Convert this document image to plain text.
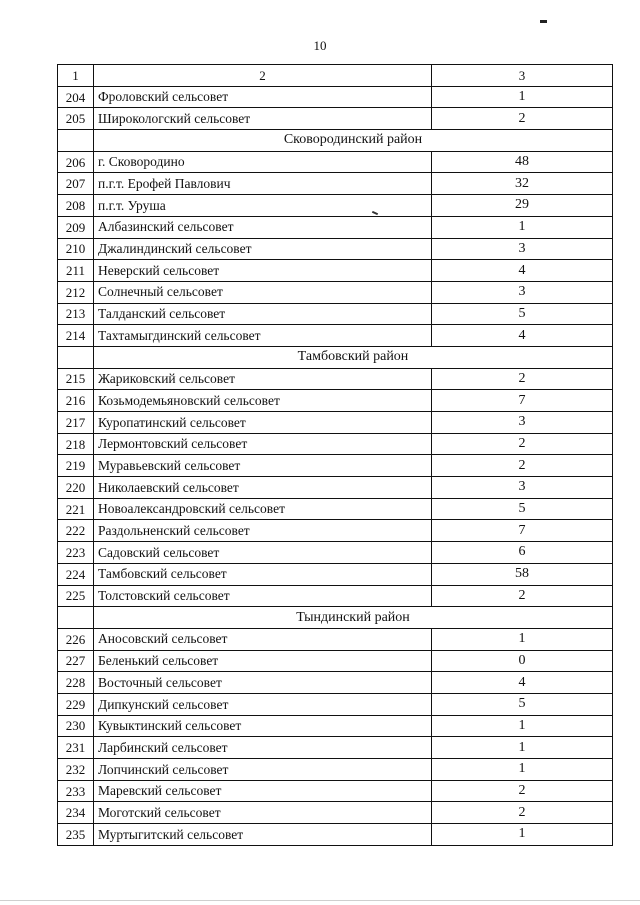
10
1	2	3
204	Фроловский сельсовет	1
205	Широкологский сельсовет	2
	Сковородинский район	
206	г. Сковородино	48
207	п.г.т. Ерофей Павлович	32
208	п.г.т. Уруша	29
209	Албазинский сельсовет	1
210	Джалиндинский сельсовет	3
211	Неверский сельсовет	4
212	Солнечный сельсовет	3
213	Талданский сельсовет	5
214	Тахтамыгдинский сельсовет	4
	Тамбовский район	
215	Жариковский сельсовет	2
216	Козьмодемьяновский сельсовет	7
217	Куропатинский сельсовет	3
218	Лермонтовский сельсовет	2
219	Муравьевский сельсовет	2
220	Николаевский сельсовет	3
221	Новоалександровский сельсовет	5
222	Раздольненский сельсовет	7
223	Садовский сельсовет	6
224	Тамбовский сельсовет	58
225	Толстовский сельсовет	2
	Тындинский район	
226	Аносовский сельсовет	1
227	Беленький сельсовет	0
228	Восточный сельсовет	4
229	Дипкунский сельсовет	5
230	Кувыктинский сельсовет	1
231	Ларбинский сельсовет	1
232	Лопчинский сельсовет	1
233	Маревский сельсовет	2
234	Моготский сельсовет	2
235	Муртыгитский сельсовет	1
